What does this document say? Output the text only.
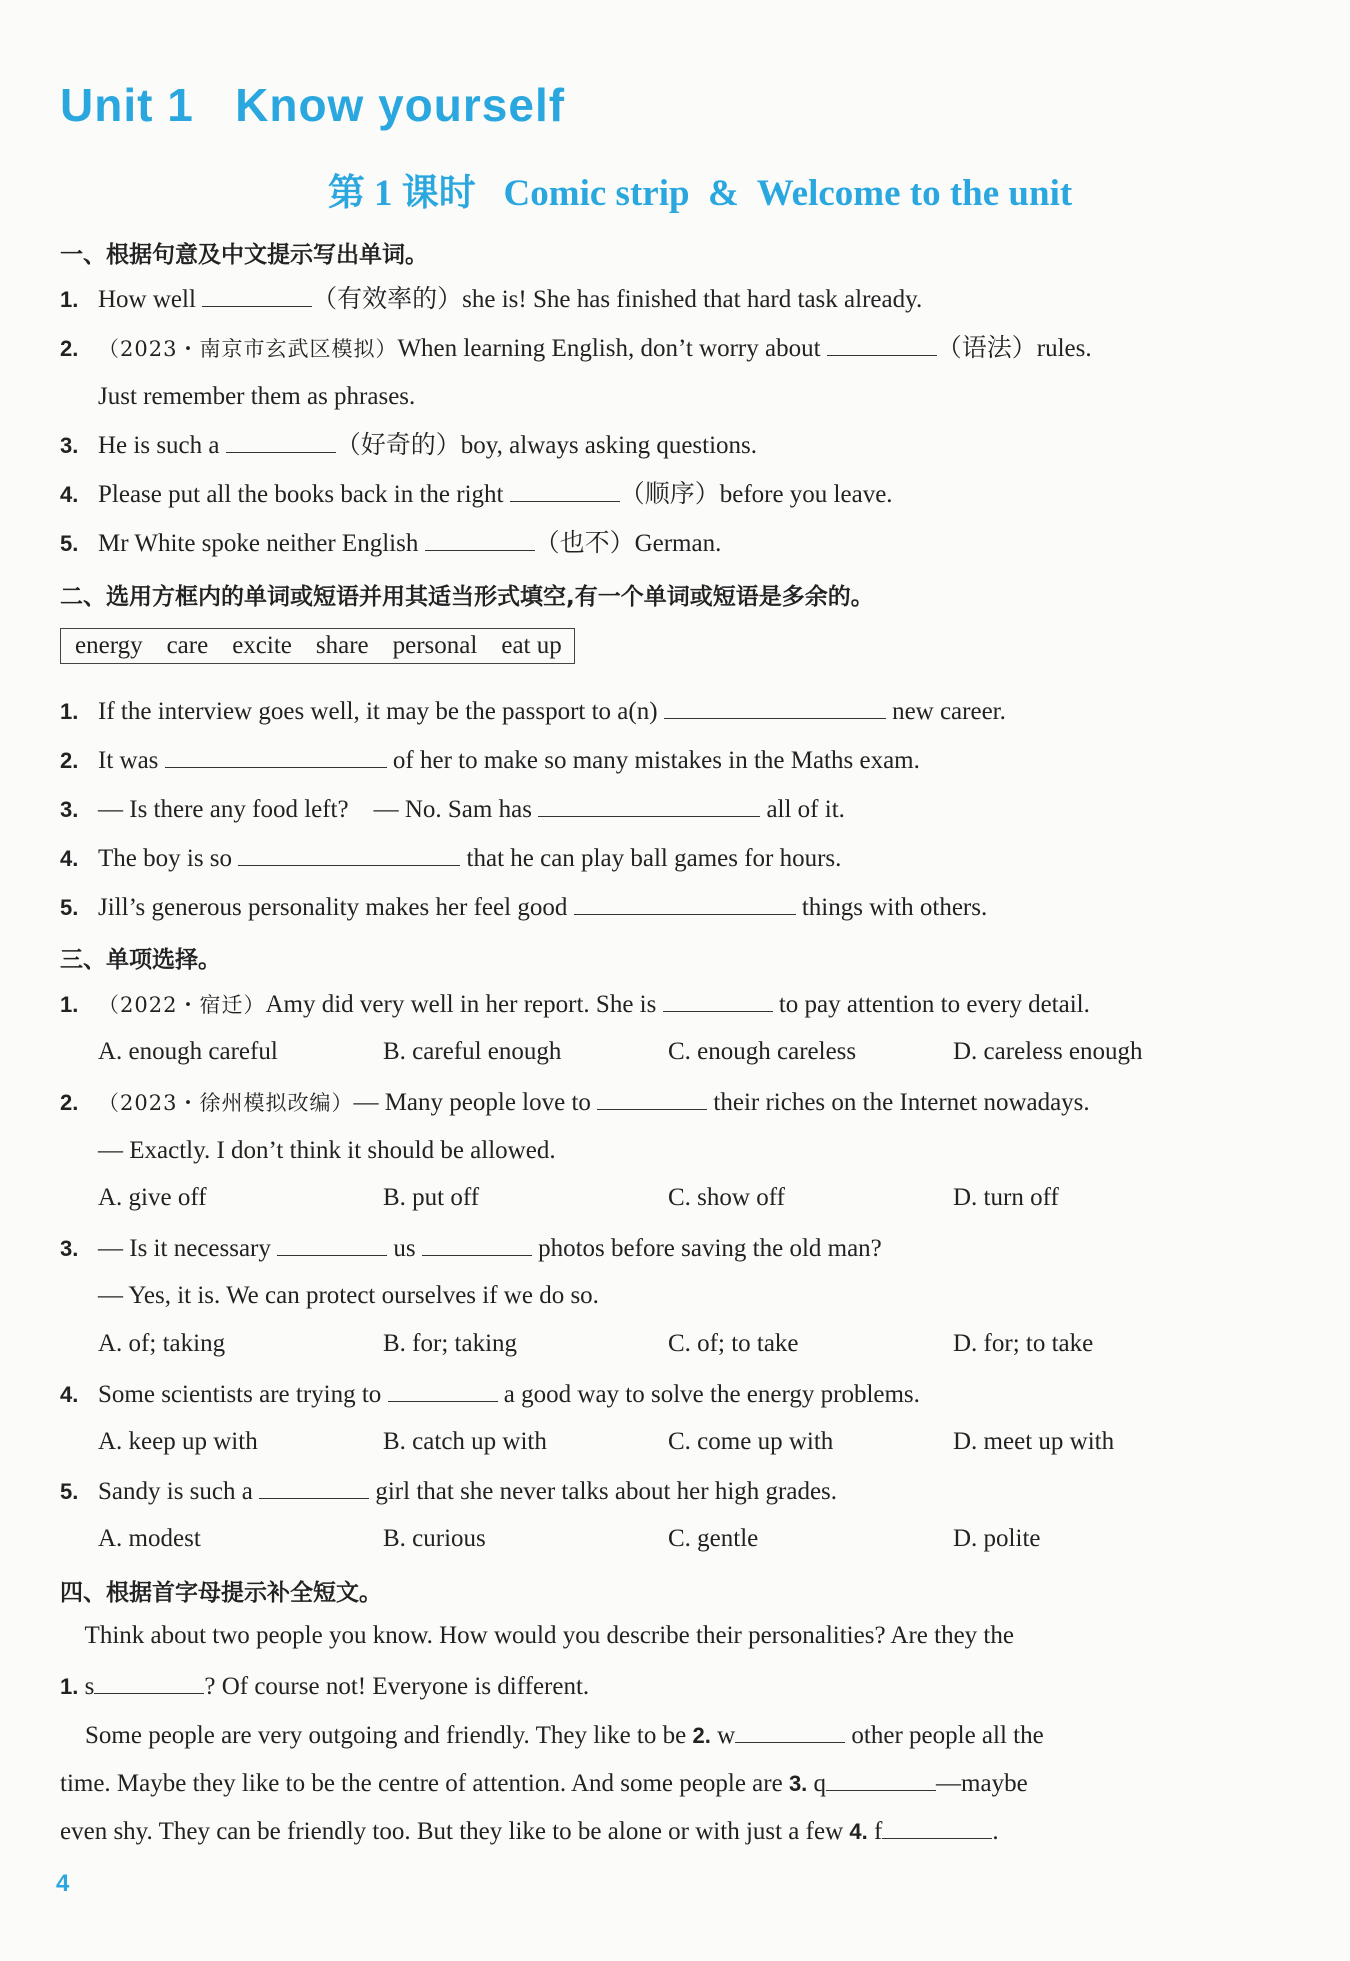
Unit 1   Know yourself
第 1 课时   Comic strip  &  Welcome to the unit
一、根据句意及中文提示写出单词。
1. How well	（有效率的）she is! She has finished that hard task already.
2. （2023・南京市玄武区模拟）When learning English, don’t worry about	（语法）rules.
Just remember them as phrases.
3. He is such a	（好奇的）boy, always asking questions.
4. Please put all the books back in the right	（顺序）before you leave.
5. Mr White spoke neither English	（也不）German.
二、选用方框内的单词或短语并用其适当形式填空,有一个单词或短语是多余的。
energy care excite share personal eat up
1. If the interview goes well, it may be the passport to a(n)	new career.
2. It was	of her to make so many mistakes in the Maths exam.
3. — Is there any food left?    — No. Sam has	all of it.
4. The boy is so	that he can play ball games for hours.
5. Jill’s generous personality makes her feel good	things with others.
三、单项选择。
1. （2022・宿迁）Amy did very well in her report. She is	to pay attention to every detail.
A. enough careful	B. careful enough	C. enough careless	D. careless enough
2. （2023・徐州模拟改编）— Many people love to	their riches on the Internet nowadays.
— Exactly. I don’t think it should be allowed.
A. give off	B. put off	C. show off	D. turn off
3. — Is it necessary	us	photos before saving the old man?
— Yes, it is. We can protect ourselves if we do so.
A. of; taking	B. for; taking	C. of; to take	D. for; to take
4. Some scientists are trying to	a good way to solve the energy problems.
A. keep up with	B. catch up with	C. come up with	D. meet up with
5. Sandy is such a	girl that she never talks about her high grades.
A. modest	B. curious	C. gentle	D. polite
四、根据首字母提示补全短文。
Think about two people you know. How would you describe their personalities? Are they the
1. s	? Of course not! Everyone is different.
Some people are very outgoing and friendly. They like to be 2. w	other people all the
time. Maybe they like to be the centre of attention. And some people are 3. q	—maybe
even shy. They can be friendly too. But they like to be alone or with just a few 4. f	.
4
